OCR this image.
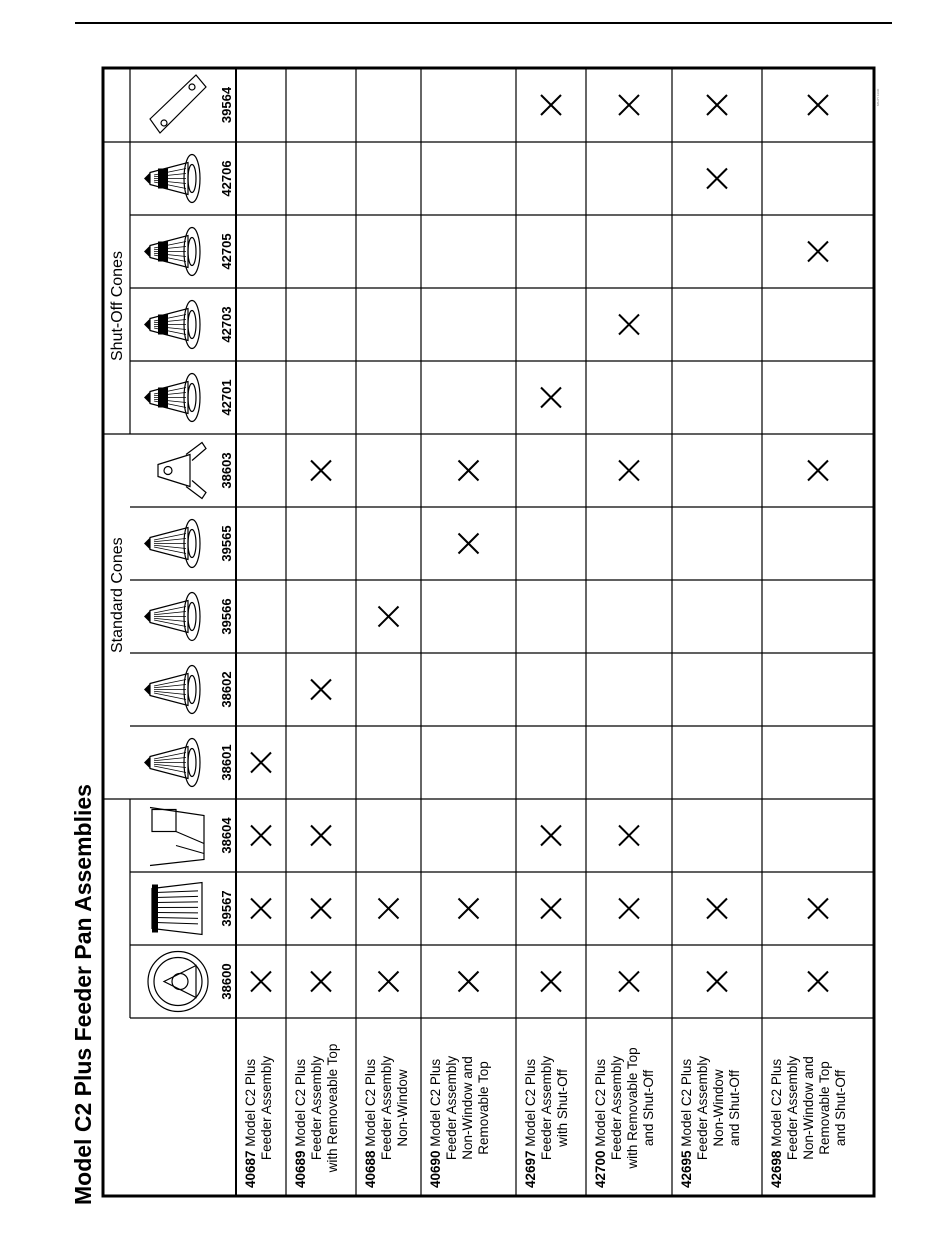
Model C2 Plus Feeder Pan Assemblies
MS-0Y 11/30
Standard Cones
Shut-Off Cones
38600
39567
38604
38601
38602
39566
39565
38603
42701
42703
42705
42706
39564
40687 Model C2 Plus Feeder Assembly
40689 Model C2 Plus Feeder Assembly with Removeable Top 40688 Model C2 Plus Feeder Assembly Non-Window
40690 Model C2 Plus Feeder Assembly Non-Window and Removable Top
42697 Model C2 Plus Feeder Assembly with Shut-Off
42700 Model C2 Plus Feeder Assembly with Removable Top and Shut-Off
42695 Model C2 Plus Feeder Assembly Non-Window and Shut-Off
42698 Model C2 Plus Feeder Assembly Non-Window and Removable Top and Shut-Off
